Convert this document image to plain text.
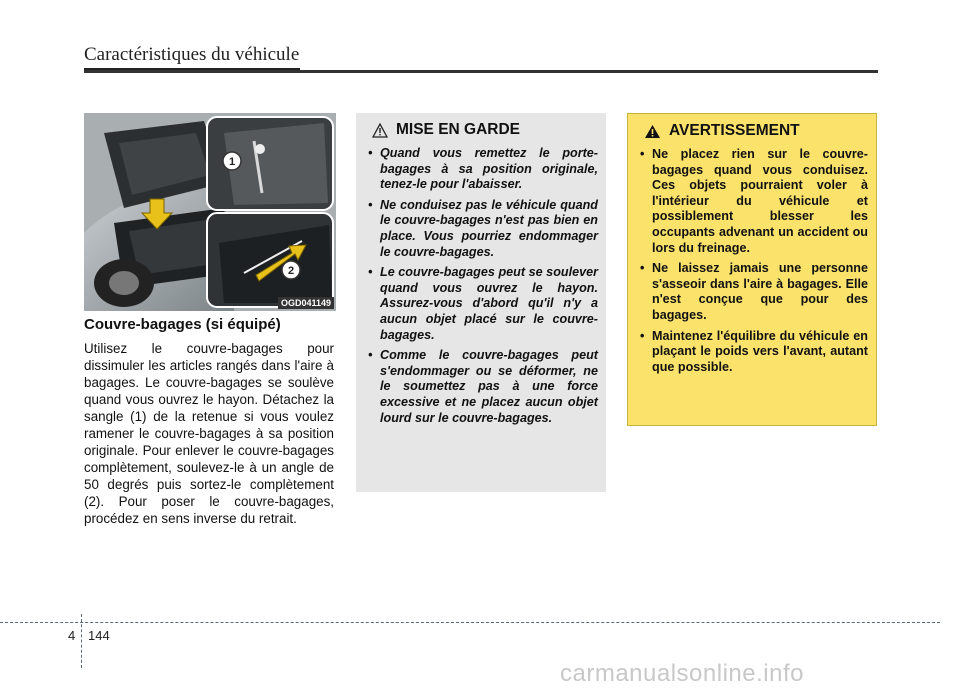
Caractéristiques du véhicule
1
2
OGD041149
Couvre-bagages (si équipé)

Utilisez le couvre-bagages pour dissimuler les articles rangés dans l'aire à bagages. Le couvre-bagages se soulève quand vous ouvrez le hayon. Détachez la sangle (1) de la retenue si vous voulez ramener le couvre-bagages à sa position originale. Pour enlever le couvre-bagages complètement, soulevez-le à un angle de 50 degrés puis sortez-le complètement (2). Pour poser le couvre-bagages, procédez en sens inverse du retrait.

MISE EN GARDE
• Quand vous remettez le porte-bagages à sa position originale, tenez-le pour l'abaisser.
• Ne conduisez pas le véhicule quand le couvre-bagages n'est pas bien en place. Vous pourriez endommager le couvre-bagages.
• Le couvre-bagages peut se soulever quand vous ouvrez le hayon. Assurez-vous d'abord qu'il n'y a aucun objet placé sur le couvre-bagages.
• Comme le couvre-bagages peut s'endommager ou se déformer, ne le soumettez pas à une force excessive et ne placez aucun objet lourd sur le couvre-bagages.
AVERTISSEMENT
• Ne placez rien sur le couvre-bagages quand vous conduisez. Ces objets pourraient voler à l'intérieur du véhicule et possiblement blesser les occupants advenant un accident ou lors du freinage.
• Ne laissez jamais une personne s'asseoir dans l'aire à bagages. Elle n'est conçue que pour des bagages.
• Maintenez l'équilibre du véhicule en plaçant le poids vers l'avant, autant que possible.
4 144
carmanualsonline.info
